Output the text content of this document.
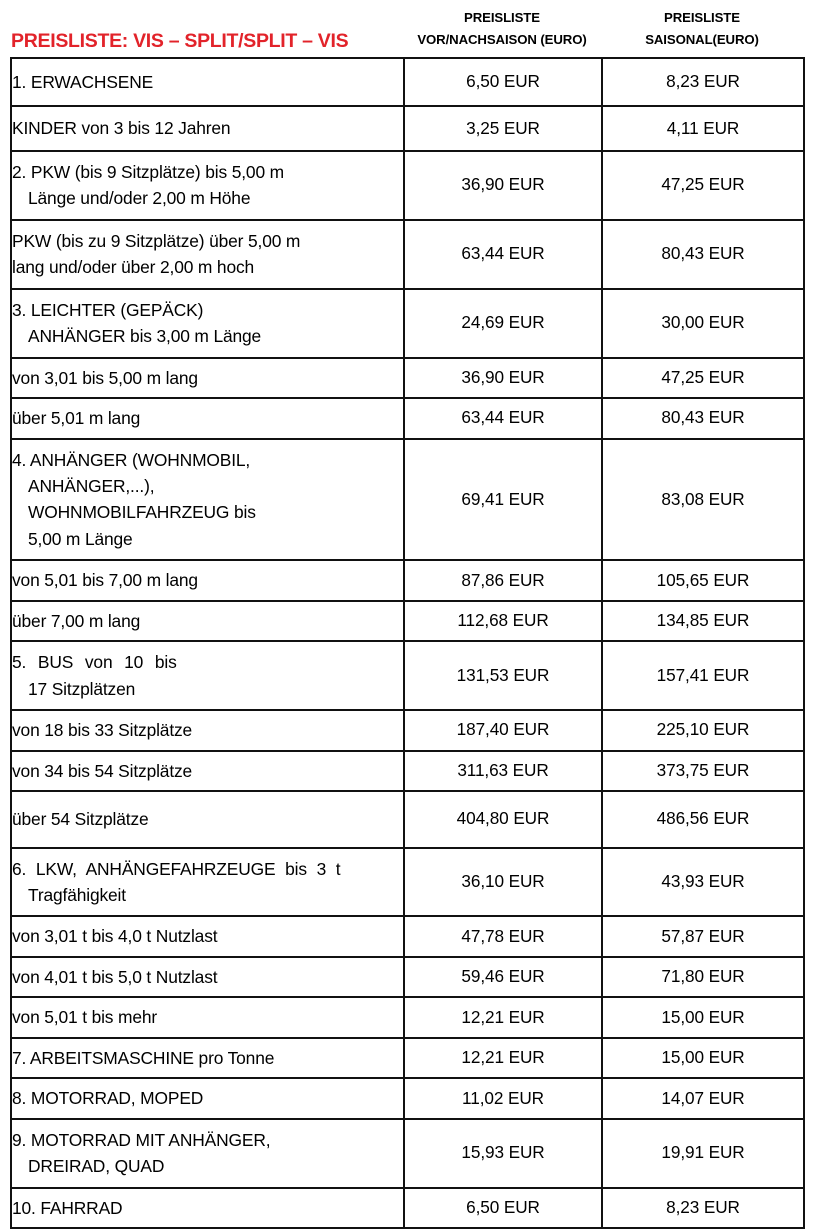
PREISLISTE: VIS – SPLIT/SPLIT – VIS
PREISLISTE
VOR/NACHSAISON (EURO)
PREISLISTE
SAISONAL(EURO)
1. ERWACHSENE	6,50 EUR	8,23 EUR

KINDER von 3 bis 12 Jahren	3,25 EUR	4,11 EUR

2. PKW (bis 9 Sitzplätze) bis 5,00 m
Länge und/oder 2,00 m Höhe	36,90 EUR	47,25 EUR

PKW (bis zu 9 Sitzplätze) über 5,00 m
lang und/oder über 2,00 m hoch	63,44 EUR	80,43 EUR

3. LEICHTER (GEPÄCK)
ANHÄNGER bis 3,00 m Länge	24,69 EUR	30,00 EUR

von 3,01 bis 5,00 m lang	36,90 EUR	47,25 EUR

über 5,01 m lang	63,44 EUR	80,43 EUR

4. ANHÄNGER (WOHNMOBIL,
ANHÄNGER,...),
WOHNMOBILFAHRZEUG bis
5,00 m Länge	69,41 EUR	83,08 EUR

von 5,01 bis 7,00 m lang	87,86 EUR	105,65 EUR

über 7,00 m lang	112,68 EUR	134,85 EUR

5. BUS von 10 bis
17 Sitzplätzen	131,53 EUR	157,41 EUR

von 18 bis 33 Sitzplätze	187,40 EUR	225,10 EUR

von 34 bis 54 Sitzplätze	311,63 EUR	373,75 EUR

über 54 Sitzplätze	404,80 EUR	486,56 EUR

6. LKW, ANHÄNGEFAHRZEUGE bis 3 t
Tragfähigkeit	36,10 EUR	43,93 EUR

von 3,01 t bis 4,0 t Nutzlast	47,78 EUR	57,87 EUR

von 4,01 t bis 5,0 t Nutzlast	59,46 EUR	71,80 EUR

von 5,01 t bis mehr	12,21 EUR	15,00 EUR

7. ARBEITSMASCHINE pro Tonne	12,21 EUR	15,00 EUR

8. MOTORRAD, MOPED	11,02 EUR	14,07 EUR

9. MOTORRAD MIT ANHÄNGER,
DREIRAD, QUAD	15,93 EUR	19,91 EUR

10. FAHRRAD	6,50 EUR	8,23 EUR
